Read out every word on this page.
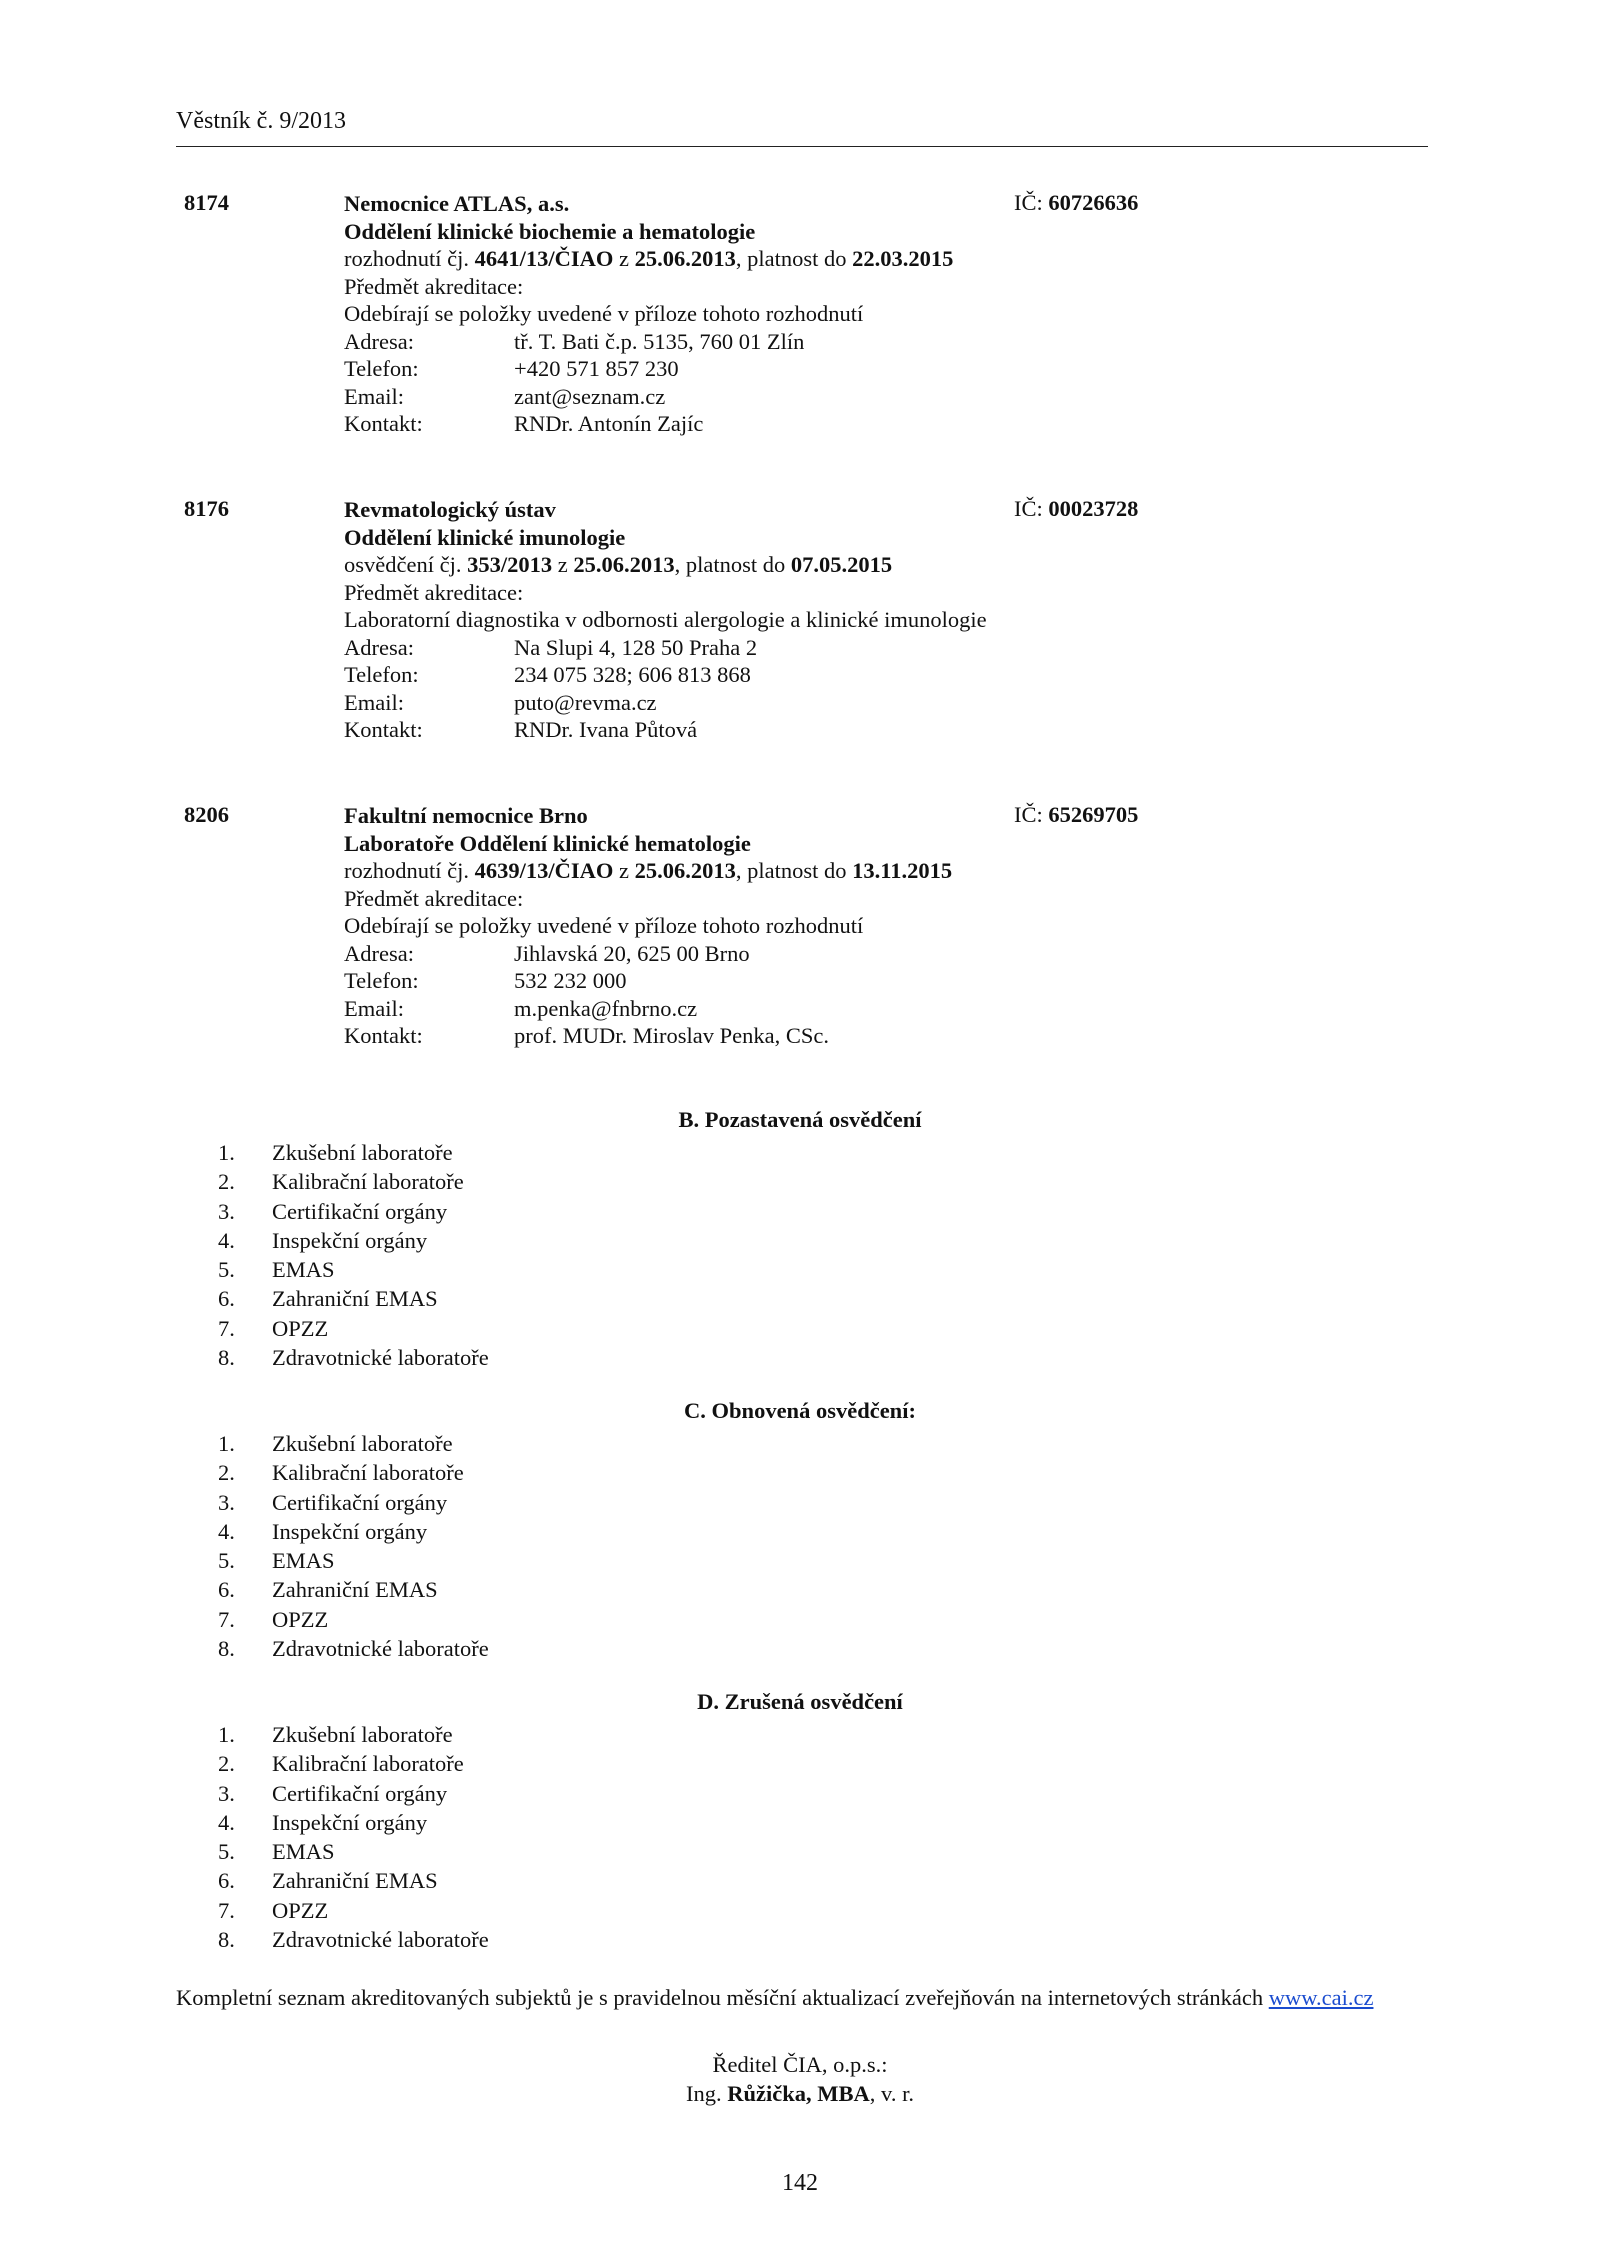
Věstník č. 9/2013
8174	IČ: 60726636
Nemocnice ATLAS, a.s.
Oddělení klinické biochemie a hematologie
rozhodnutí čj. 4641/13/ČIAO z 25.06.2013, platnost do 22.03.2015
Předmět akreditace:
Odebírají se položky uvedené v příloze tohoto rozhodnutí
Adresa:	tř. T. Bati č.p. 5135, 760 01 Zlín
Telefon:	+420 571 857 230
Email:	zant@seznam.cz
Kontakt:	RNDr. Antonín Zajíc
8176	IČ: 00023728
Revmatologický ústav
Oddělení klinické imunologie
osvědčení čj. 353/2013 z 25.06.2013, platnost do 07.05.2015
Předmět akreditace:
Laboratorní diagnostika v odbornosti alergologie a klinické imunologie
Adresa:	Na Slupi 4, 128 50 Praha 2
Telefon:	234 075 328; 606 813 868
Email:	puto@revma.cz
Kontakt:	RNDr. Ivana Půtová
8206	IČ: 65269705
Fakultní nemocnice Brno
Laboratoře Oddělení klinické hematologie
rozhodnutí čj. 4639/13/ČIAO z 25.06.2013, platnost do 13.11.2015
Předmět akreditace:
Odebírají se položky uvedené v příloze tohoto rozhodnutí
Adresa:	Jihlavská 20, 625 00 Brno
Telefon:	532 232 000
Email:	m.penka@fnbrno.cz
Kontakt:	prof. MUDr. Miroslav Penka, CSc.
B. Pozastavená osvědčení
1.	Zkušební laboratoře
2.	Kalibrační laboratoře
3.	Certifikační orgány
4.	Inspekční orgány
5.	EMAS
6.	Zahraniční EMAS
7.	OPZZ
8.	Zdravotnické laboratoře
C. Obnovená osvědčení:
1.	Zkušební laboratoře
2.	Kalibrační laboratoře
3.	Certifikační orgány
4.	Inspekční orgány
5.	EMAS
6.	Zahraniční EMAS
7.	OPZZ
8.	Zdravotnické laboratoře
D. Zrušená osvědčení
1.	Zkušební laboratoře
2.	Kalibrační laboratoře
3.	Certifikační orgány
4.	Inspekční orgány
5.	EMAS
6.	Zahraniční EMAS
7.	OPZZ
8.	Zdravotnické laboratoře
Kompletní seznam akreditovaných subjektů je s pravidelnou měsíční aktualizací zveřejňován na internetových stránkách www.cai.cz
Ředitel ČIA, o.p.s.:
Ing. Růžička, MBA, v. r.
142
